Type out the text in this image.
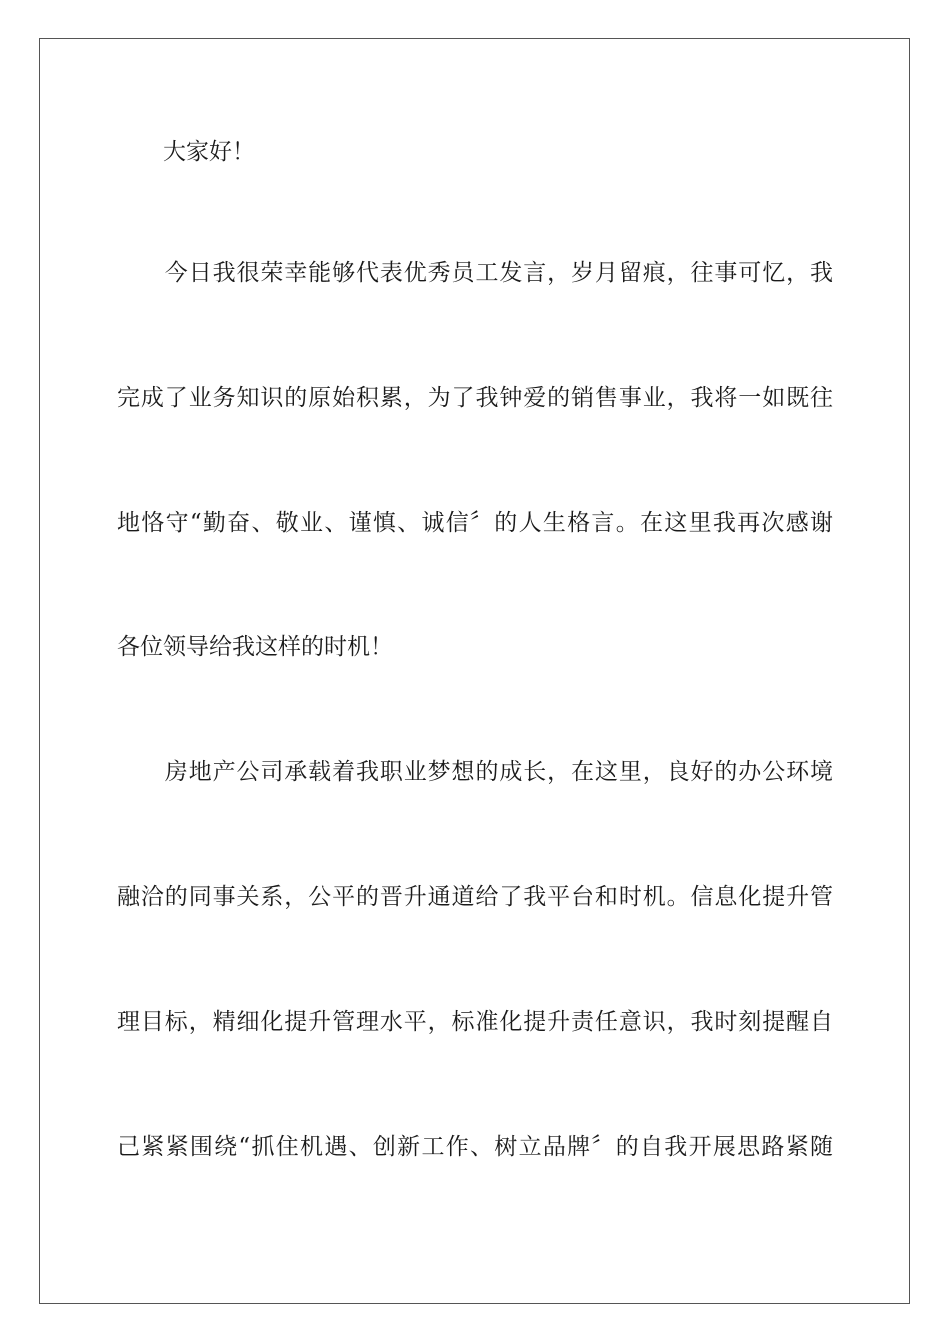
　　大家好！
　　今日我很荣幸能够代表优秀员工发言，岁月留痕，往事可忆，我
完成了业务知识的原始积累，为了我钟爱的销售事业，我将一如既往
地恪守“勤奋、敬业、谨慎、诚信〞的人生格言。在这里我再次感谢
各位领导给我这样的时机！
　　房地产公司承载着我职业梦想的成长，在这里，良好的办公环境
融洽的同事关系，公平的晋升通道给了我平台和时机。信息化提升管
理目标，精细化提升管理水平，标准化提升责任意识，我时刻提醒自
己紧紧围绕“抓住机遇、创新工作、树立品牌〞的自我开展思路紧随
